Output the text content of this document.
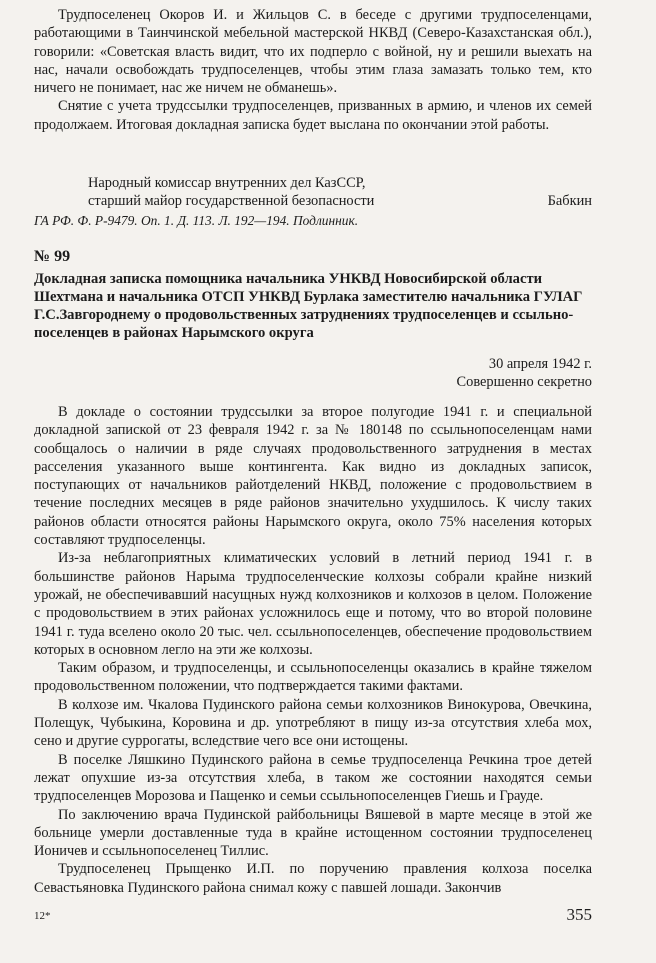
Трудпоселенец Окоров И. и Жильцов С. в беседе с другими трудпоселенцами, работающими в Таинчинской мебельной мастерской НКВД (Северо-Казахстанская обл.), говорили: «Советская власть видит, что их подперло с войной, ну и решили выехать на нас, начали освобождать трудпоселенцев, чтобы этим глаза замазать только тем, кто ничего не понимает, нас же ничем не обманешь».

Снятие с учета трудссылки трудпоселенцев, призванных в армию, и членов их семей продолжаем. Итоговая докладная записка будет выслана по окончании этой работы.

Народный комиссар внутренних дел КазССР,
старший майор государственной безопасности	Бабкин
ГА РФ. Ф. Р-9479. Оп. 1. Д. 113. Л. 192—194. Подлинник.
№ 99
Докладная записка помощника начальника УНКВД Новосибирской области Шехтмана и начальника ОТСП УНКВД Бурлака заместителю начальника ГУЛАГ Г.С.Завгороднему о продовольственных затруднениях трудпоселенцев и ссыльно-поселенцев в районах Нарымского округа
30 апреля 1942 г.
Совершенно секретно

В докладе о состоянии трудссылки за второе полугодие 1941 г. и специальной докладной запиской от 23 февраля 1942 г. за № 180148 по ссыльнопоселенцам нами сообщалось о наличии в ряде случаях продовольственного затруднения в местах расселения указанного выше контингента. Как видно из докладных записок, поступающих от начальников райотделений НКВД, положение с продовольствием в течение последних месяцев в ряде районов значительно ухудшилось. К числу таких районов области относятся районы Нарымского округа, около 75% населения которых составляют трудпоселенцы.

Из-за неблагоприятных климатических условий в летний период 1941 г. в большинстве районов Нарыма трудпоселенческие колхозы собрали крайне низкий урожай, не обеспечивавший насущных нужд колхозников и колхозов в целом. Положение с продовольствием в этих районах усложнилось еще и потому, что во второй половине 1941 г. туда вселено около 20 тыс. чел. ссыльнопоселенцев, обеспечение продовольствием которых в основном легло на эти же колхозы.

Таким образом, и трудпоселенцы, и ссыльнопоселенцы оказались в крайне тяжелом продовольственном положении, что подтверждается такими фактами.

В колхозе им. Чкалова Пудинского района семьи колхозников Винокурова, Овечкина, Полещук, Чубыкина, Коровина и др. употребляют в пищу из-за отсутствия хлеба мох, сено и другие суррогаты, вследствие чего все они истощены.

В поселке Ляшкино Пудинского района в семье трудпоселенца Речкина трое детей лежат опухшие из-за отсутствия хлеба, в таком же состоянии находятся семьи трудпоселенцев Морозова и Пащенко и семьи ссыльнопоселенцев Гиешь и Грауде.

По заключению врача Пудинской райбольницы Вяшевой в марте месяце в этой же больнице умерли доставленные туда в крайне истощенном состоянии трудпоселенец Ионичев и ссыльнопоселенец Тиллис.

Трудпоселенец Прыщенко И.П. по поручению правления колхоза поселка Севастьяновка Пудинского района снимал кожу с павшей лошади. Закончив

12*	355
